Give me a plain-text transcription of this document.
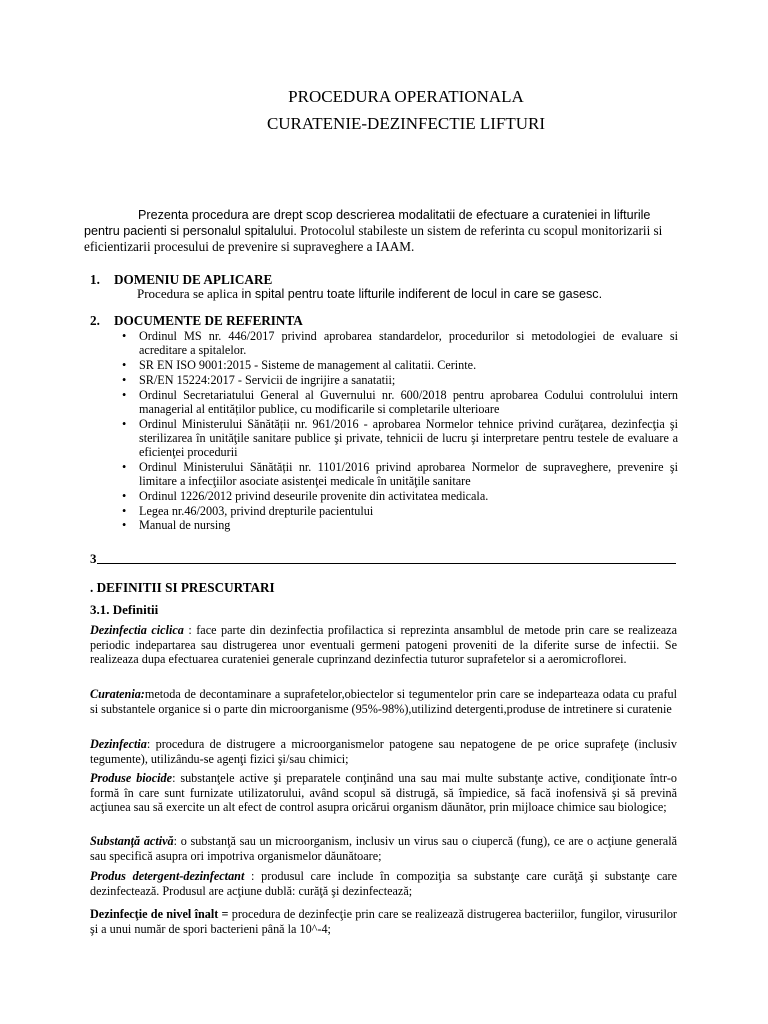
PROCEDURA OPERATIONALA
CURATENIE-DEZINFECTIE LIFTURI
Prezenta procedura are drept scop descrierea modalitatii de efectuare a curateniei in lifturile pentru pacienti si personalul spitalului. Protocolul stabileste un sistem de referinta cu scopul monitorizarii si eficientizarii procesului de prevenire si supraveghere a IAAM.
1. DOMENIU DE APLICARE
Procedura se aplica in spital pentru toate lifturile indiferent de locul in care se gasesc.
2. DOCUMENTE DE REFERINTA
• Ordinul MS nr. 446/2017 privind aprobarea standardelor, procedurilor si metodologiei de evaluare si acreditare a spitalelor.
• SR EN ISO 9001:2015 - Sisteme de management al calitatii. Cerinte.
• SR/EN 15224:2017 - Servicii de ingrijire a sanatatii;
• Ordinul Secretariatului General al Guvernului nr. 600/2018 pentru aprobarea Codului controlului intern managerial al entităților publice, cu modificarile si completarile ulterioare
• Ordinul Ministerului Sănătății nr. 961/2016 - aprobarea Normelor tehnice privind curăţarea, dezinfecţia şi sterilizarea în unităţile sanitare publice şi private, tehnicii de lucru şi interpretare pentru testele de evaluare a eficienţei procedurii
• Ordinul Ministerului Sănătății nr. 1101/2016 privind aprobarea Normelor de supraveghere, prevenire şi limitare a infecţiilor asociate asistenţei medicale în unităţile sanitare
• Ordinul 1226/2012 privind deseurile provenite din activitatea medicala.
• Legea nr.46/2003, privind drepturile pacientului
• Manual de nursing
3
. DEFINITII SI PRESCURTARI
3.1. Definitii
Dezinfectia ciclica : face parte din dezinfectia profilactica si reprezinta ansamblul de metode prin care se realizeaza periodic indepartarea sau distrugerea unor eventuali germeni patogeni proveniti de la diferite surse de infectii. Se realizeaza dupa efectuarea curateniei generale cuprinzand dezinfectia tuturor suprafetelor si a aeromicroflorei.
Curatenia:metoda de decontaminare a suprafetelor,obiectelor si tegumentelor prin care se indeparteaza odata cu praful si substantele organice si o parte din microorganisme (95%-98%),utilizind detergenti,produse de intretinere si curatenie
Dezinfectia: procedura de distrugere a microorganismelor patogene sau nepatogene de pe orice suprafeţe (inclusiv tegumente), utilizându-se agenţi fizici şi/sau chimici;
Produse biocide: substanţele active şi preparatele conţinând una sau mai multe substanţe active, condiţionate într-o formă în care sunt furnizate utilizatorului, având scopul să distrugă, să împiedice, să facă inofensivă şi să prevină acţiunea sau să exercite un alt efect de control asupra oricărui organism dăunător, prin mijloace chimice sau biologice;
Substanţă activă: o substanţă sau un microorganism, inclusiv un virus sau o ciupercă (fung), ce are o acţiune generală sau specifică asupra ori impotriva organismelor dăunătoare;
Produs detergent-dezinfectant : produsul care include în compoziţia sa substanţe care curăţă şi substanţe care dezinfectează. Produsul are acţiune dublă: curăţă şi dezinfectează;
Dezinfecţie de nivel înalt = procedura de dezinfecţie prin care se realizează distrugerea bacteriilor, fungilor, virusurilor şi a unui număr de spori bacterieni până la 10^-4;
